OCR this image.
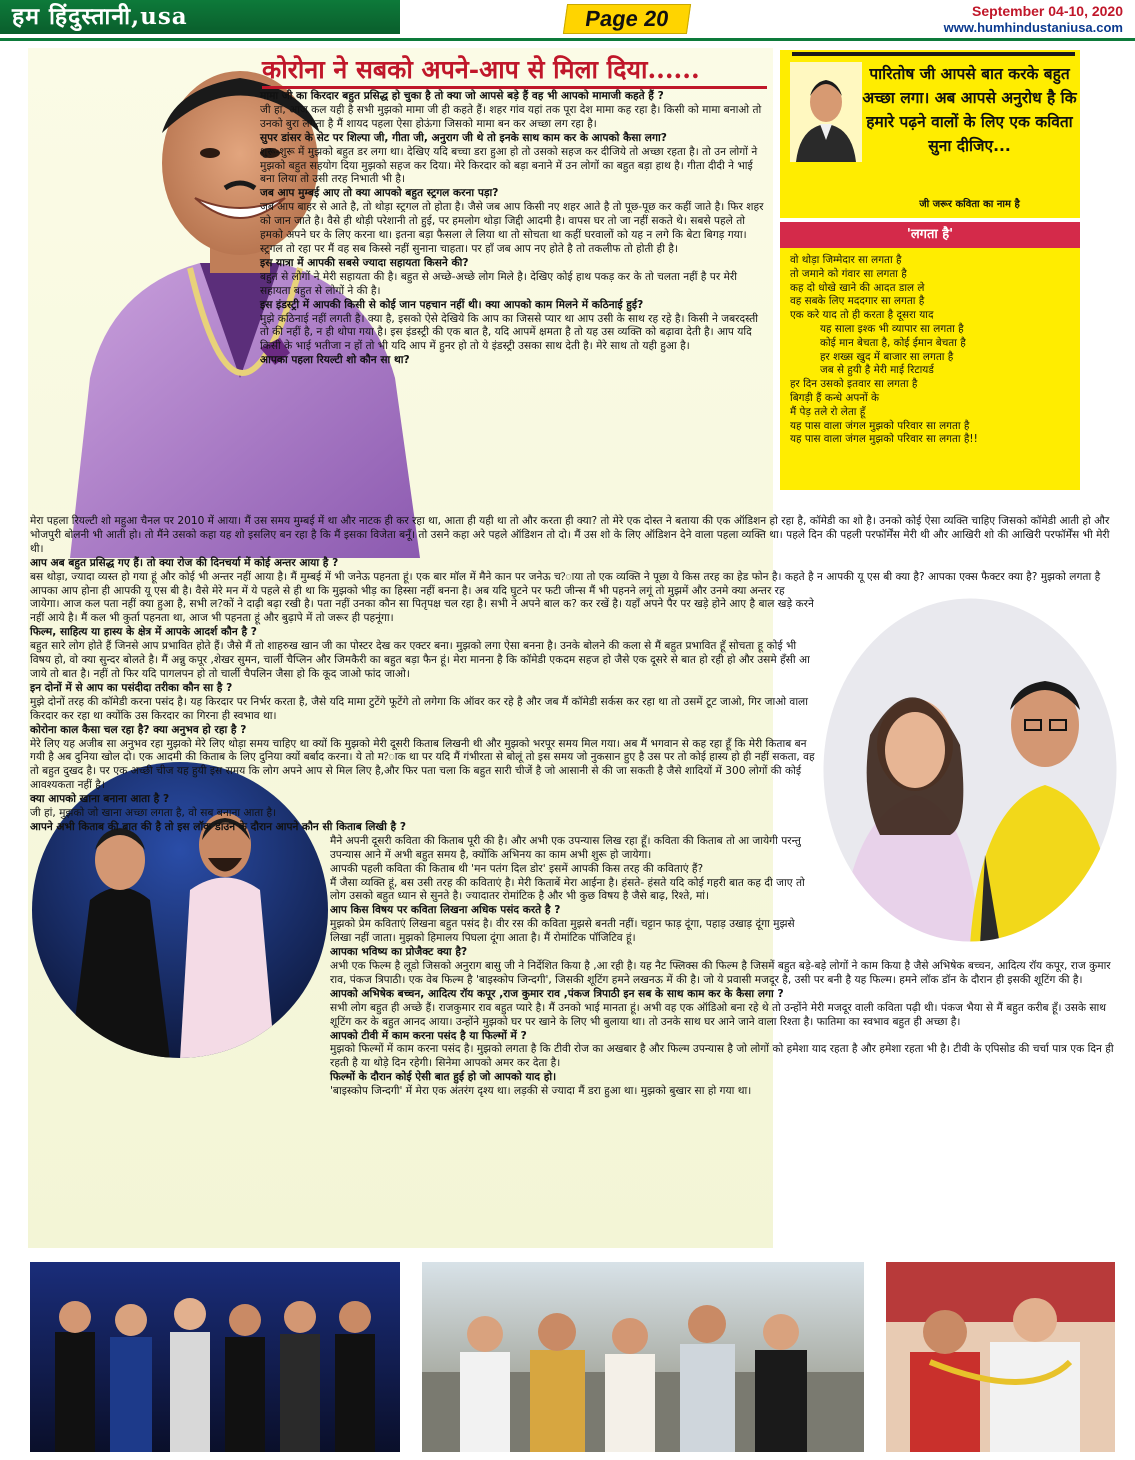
हम हिंदुस्तानी,usa	Page 20	September 04-10, 2020
www.humhindustaniusa.com
कोरोना ने सबको अपने-आप से मिला दिया......

मामा जी का किरदार बहुत प्रसिद्ध हो चुका है तो क्या जो आपसे बड़े हैं वह भी आपको मामाजी कहते हैं ?

जी हां, आज कल यही है सभी मुझको मामा जी ही कहते हैं। शहर गांव यहां तक पूरा देश मामा कह रहा है। किसी को मामा बनाओ तो उनको बुरा लगता है मैं शायद पहला ऐसा होऊंगा जिसको मामा बन कर अच्छा लग रहा है।

सुपर डांसर के सेट पर शिल्पा जी, गीता जी, अनुराग जी थे तो इनके साथ काम कर के आपको कैसा लगा?

शुरू-शुरू में मुझको बहुत डर लगा था। देखिए यदि बच्चा डरा हुआ हो तो उसको सहज कर दीजिये तो अच्छा रहता है। तो उन लोगों ने मुझको बहुत सहयोग दिया मुझको सहज कर दिया। मेरे किरदार को बड़ा बनाने में उन लोगों का बहुत बड़ा हाथ है। गीता दीदी ने भाई बना लिया तो उसी तरह निभाती भी है।

जब आप मुम्बई आए तो क्या आपको बहुत स्ट्रगल करना पड़ा?

जब आप बाहर से आते है, तो थोड़ा स्ट्रगल तो होता है। जैसे जब आप किसी नए शहर आते है तो पूछ-पूछ कर कहीं जाते है। फिर शहर को जान जाते है। वैसे ही थोड़ी परेशानी तो हुई, पर हमलोग थोड़ा जिद्दी आदमी है। वापस घर तो जा नहीं सकते थे। सबसे पहले तो हमको अपने घर के लिए करना था। इतना बड़ा फैसला ले लिया था तो सोचता था कहीं घरवालों को यह न लगे कि बेटा बिगड़ गया। स्ट्रगल तो रहा पर मैं वह सब किस्से नहीं सुनाना चाहता। पर हाँ जब आप नए होते है तो तकलीफ तो होती ही है।

इस यात्रा में आपकी सबसे ज्यादा सहायता किसने की?

बहुत से लोगों ने मेरी सहायता की है। बहुत से अच्छे-अच्छे लोग मिले है। देखिए कोई हाथ पकड़ कर के तो चलता नहीं है पर मेरी सहायता बहुत से लोगों ने की है।

इस इंडस्ट्री में आपकी किसी से कोई जान पहचान नहीं थी। क्या आपको काम मिलने में कठिनाई हुई?

मुझे कठिनाई नहीं लगती है। क्या है, इसको ऐसे देखिये कि आप का जिससे प्यार था आप उसी के साथ रह रहे है। किसी ने जबरदस्ती तो की नहीं है, न ही थोपा गया है। इस इंडस्ट्री की एक बात है, यदि आपमें क्षमता है तो यह उस व्यक्ति को बढ़ावा देती है। आप यदि किसी के भाई भतीजा न हों तो भी यदि आप में हुनर हो तो ये इंडस्ट्री उसका साथ देती है। मेरे साथ तो यही हुआ है।

आपका पहला रियल्टी शो कौन सा था?

पारितोष जी आपसे बात करके बहुत अच्छा लगा। अब आपसे अनुरोध है कि हमारे पढ़ने वालों के लिए एक कविता सुना दीजिए...
जी जरूर कविता का नाम है
'लगता है'
वो थोड़ा जिम्मेदार सा लगता है
तो जमाने को गंवार सा लगता है
कह दो धोखे खाने की आदत डाल ले
वह सबके लिए मददगार सा लगता है
एक करे याद तो ही करता है दूसरा याद
यह साला इश्क भी व्यापार सा लगता है
कोई मान बेचता है, कोई ईमान बेचता है
हर शख्स खुद में बाजार सा लगता है
जब से हुयी है मेरी माई रिटायर्ड
हर दिन उसको इतवार सा लगता है
बिगड़ी हैं कन्धे अपनों के
मैं पेड़ तले रो लेता हूँ
यह पास वाला जंगल मुझको परिवार सा लगता है
यह पास वाला जंगल मुझको परिवार सा लगता है!!

मेरा पहला रियल्टी शो महुआ चैनल पर 2010 में आया। मैं उस समय मुम्बई में था और नाटक ही कर रहा था, आता ही यही था तो और करता ही क्या? तो मेरे एक दोस्त ने बताया की एक ऑडिशन हो रहा है, कॉमेडी का शो है। उनको कोई ऐसा व्यक्ति चाहिए जिसको कॉमेडी आती हो और भोजपुरी बोलनी भी आती हो। तो मैंने उसको कहा यह शो इसलिए बन रहा है कि मैं इसका विजेता बनूँ। तो उसने कहा अरे पहले ऑडिशन तो दो। मैं उस शो के लिए ऑडिशन देने वाला पहला व्यक्ति था। पहले दिन की पहली परफॉर्मेंस मेरी थी और आखिरी शो की आखिरी परफॉर्मेंस भी मेरी थी।

आप अब बहुत प्रसिद्ध गए हैं। तो क्या रोज की दिनचर्या में कोई अन्तर आया है ?

बस थोड़ा, ज्यादा व्यस्त हो गया हूं और कोई भी अन्तर नहीं आया है। मैं मुम्बई में भी जनेऊ पहनता हूं। एक बार मॉल में मैने कान पर जनेऊ च?ाया तो एक व्यक्ति ने पूछा ये किस तरह का हेड फोन है। कहते है न आपकी यू एस बी क्या है? आपका एक्स फैक्टर क्या है? मुझको लगता है आपका आप होना ही आपकी यू एस बी है। वैसे मेरे मन में ये पहले से ही था कि मुझको भीड़ का हिस्सा नहीं बनना है। अब यदि घुटने पर फटी जीन्स मैं भी पहनने लगूं तो मुझमें और उनमे क्या अन्तर रह जायेगा। आज कल पता नहीं क्या हुआ है, सभी ल?कों ने दाढ़ी बढ़ा रखी है। पता नहीं उनका कौन सा पितृपक्ष चल रहा है। सभी ने अपने बाल क? कर रखें है। यहाँ अपने पैर पर खड़े होने आए है बाल खड़े करने नहीं आये है। मैं कल भी कुर्ता पहनता था, आज भी पहनता हूं और बुढ़ापे में तो जरूर ही पहनूंगा।

फिल्म, साहित्य या हास्य के क्षेत्र में आपके आदर्श कौन है ?

बहुत सारे लोग होते हैं जिनसे आप प्रभावित होते हैं। जैसे मैं तो शाहरुख खान जी का पोस्टर देख कर एक्टर बना। मुझको लगा ऐसा बनना है। उनके बोलने की कला से मैं बहुत प्रभावित हूँ सोचता हू कोई भी विषय हो, वो क्या सुन्दर बोलते है। मैं अन्नु कपूर ,शेखर सुमन, चार्ली चैप्लिन और जिमकैरी का बहुत बड़ा फैन हूं। मेरा मानना है कि कॉमेडी एकदम सहज हो जैसे एक दूसरे से बात हो रही हो और उसमे हँसी आ जाये तो बात है। नहीं तो फिर यदि पागलपन हो तो चार्ली चैपलिन जैसा हो कि कूद जाओ फांद जाओ।

इन दोनों में से आप का पसंदीदा तरीका कौन सा है ?

मुझे दोनों तरह की कॉमेडी करना पसंद है। यह किरदार पर निर्भर करता है, जैसे यदि मामा टुटेंगे फूटेंगे तो लगेगा कि ऑवर कर रहे है और जब मैं कॉमेडी सर्कस कर रहा था तो उसमें टूट जाओ, गिर जाओ वाला किरदार कर रहा था क्योंकि उस किरदार का गिरना ही स्वभाव था।

कोरोना काल कैसा चल रहा है? क्या अनुभव हो रहा है ?

मेरे लिए यह अजीब सा अनुभव रहा मुझको मेरे लिए थोड़ा समय चाहिए था क्यों कि मुझको मेरी दूसरी किताब लिखनी थी और मुझको भरपूर समय मिल गया। अब मैं भगवान से कह रहा हूँ कि मेरी किताब बन गयी है अब दुनिया खोल दो। एक आदमी की किताब के लिए दुनिया क्यों बर्बाद करना। ये तो म?ाक था पर यदि मैं गंभीरता से बोलूं तो इस समय जो नुकसान हुए है उस पर तो कोई हास्य हो ही नहीं सकता, वह तो बहुत दुखद है। पर एक अच्छी चीज यह हुयी इस समय कि लोग अपने आप से मिल लिए है,और फिर पता चला कि बहुत सारी चीजें है जो आसानी से की जा सकती है जैसे शादियों में 300 लोगों की कोई आवश्यकता नहीं है।

क्या आपको खाना बनाना आता है ?

जी हां, मुझको जो खाना अच्छा लगता है, वो सब बनाना आता है।

आपने अभी किताब की बात की है तो इस लॉक डाउन के दौरान आपने कौन सी किताब लिखी है ?

मैने अपनी दूसरी कविता की किताब पूरी की है। और अभी एक उपन्यास लिख रहा हूँ। कविता की किताब तो आ जायेगी परन्तु उपन्यास आने में अभी बहुत समय है, क्योंकि अभिनय का काम अभी शुरू हो जायेगा।

आपकी पहली कविता की किताब थी 'मन पतंग दिल डोर' इसमें आपकी किस तरह की कविताएं हैं?

मैं जैसा व्यक्ति हूं, बस उसी तरह की कविताएं है। मेरी किताबें मेरा आईना है। हंसते- हंसते यदि कोई गहरी बात कह दी जाए तो लोग उसको बहुत ध्यान से सुनते है। ज्यादातर रोमांटिक है और भी कुछ विषय है जैसे बाढ़, रिश्ते, मां।

आप किस विषय पर कविता लिखना अधिक पसंद करते है ?

मुझको प्रेम कविताएं लिखना बहुत पसंद है। वीर रस की कविता मुझसे बनती नहीं। चट्टान फाड़ दूंगा, पहाड़ उखाड़ दूंगा मुझसे लिखा नहीं जाता। मुझको हिमालय पिघला दूंगा आता है। मैं रोमांटिक पॉजिटिव हूं।

आपका भविष्य का प्रोजैक्ट क्या है?

अभी एक फिल्म है लूडो जिसको अनुराग बासु जी ने निर्देशित किया है ,आ रही है। यह नैट फ्लिक्स की फिल्म है जिसमें बहुत बड़े-बड़े लोगों ने काम किया है जैसे अभिषेक बच्चन, आदित्य रॉय कपूर, राज कुमार राव, पंकज त्रिपाठी। एक वेब फिल्म है 'बाइस्कोप जिन्दगी', जिसकी शूटिंग हमने लखनऊ में की है। जो ये प्रवासी मजदूर है, उसी पर बनी है यह फिल्म। हमने लॉक डॉन के दौरान ही इसकी शूटिंग की है।

आपको अभिषेक बच्चन, आदित्य रॉय कपूर ,राज कुमार राव ,पंकज त्रिपाठी इन सब के साथ काम कर के कैसा लगा ?

सभी लोग बहुत ही अच्छे हैं। राजकुमार राव बहुत प्यारे है। मैं उनको भाई मानता हूं। अभी वह एक ऑडिओ बना रहे थे तो उन्होंने मेरी मजदूर वाली कविता पढ़ी थी। पंकज भैया से मैं बहुत करीब हूँ। उसके साथ शूटिंग कर के बहुत आनद आया। उन्होंने मुझको घर पर खाने के लिए भी बुलाया था। तो उनके साथ घर आने जाने वाला रिश्ता है। फातिमा का स्वभाव बहुत ही अच्छा है।

आपको टीवी में काम करना पसंद है या फिल्मों में ?

मुझको फिल्मों में काम करना पसंद है। मुझको लगता है कि टीवी रोज का अखबार है और फिल्म उपन्यास है जो लोगों को हमेशा याद रहता है और हमेशा रहता भी है। टीवी के एपिसोड की चर्चा पात्र एक दिन ही रहती है या थोड़े दिन रहेगी। सिनेमा आपको अमर कर देता है।

फिल्मों के दौरान कोई ऐसी बात हुई हो जो आपको याद हो।

'बाइस्कोप जिन्दगी' में मेरा एक अंतरंग दृश्य था। लड़की से ज्यादा मैं डरा हुआ था। मुझको बुखार सा हो गया था।
